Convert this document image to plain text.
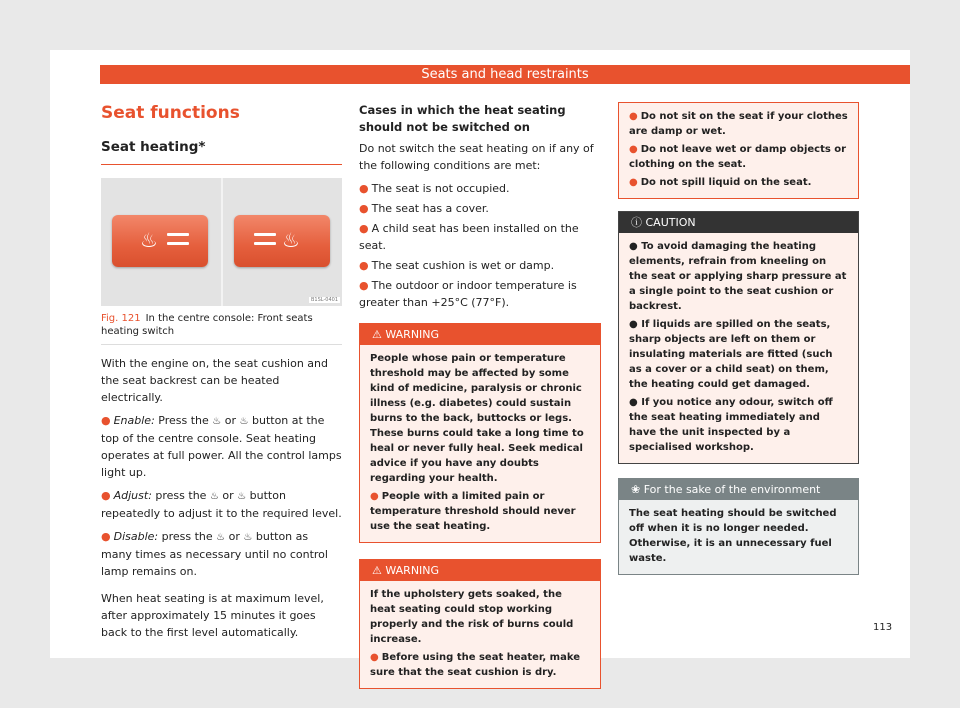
Seats and head restraints
Seat functions
Seat heating*
♨	♨
B1SL-0401
Fig. 121 In the centre console: Front seats heating switch

With the engine on, the seat cushion and the seat backrest can be heated electrically.

● Enable: Press the ♨ or ♨ button at the top of the centre console. Seat heating operates at full power. All the control lamps light up.
● Adjust: press the ♨ or ♨ button repeatedly to adjust it to the required level.
● Disable: press the ♨ or ♨ button as many times as necessary until no control lamp remains on.

When heat seating is at maximum level, after approximately 15 minutes it goes back to the first level automatically.

Cases in which the heat seating should not be switched on

Do not switch the seat heating on if any of the following conditions are met:

● The seat is not occupied.
● The seat has a cover.
● A child seat has been installed on the seat.
● The seat cushion is wet or damp.
● The outdoor or indoor temperature is greater than +25°C (77°F).
⚠ WARNING
People whose pain or temperature threshold may be affected by some kind of medicine, paralysis or chronic illness (e.g. diabetes) could sustain burns to the back, buttocks or legs. These burns could take a long time to heal or never fully heal. Seek medical advice if you have any doubts regarding your health.
● People with a limited pain or temperature threshold should never use the seat heating.
⚠ WARNING
If the upholstery gets soaked, the heat seating could stop working properly and the risk of burns could increase.
● Before using the seat heater, make sure that the seat cushion is dry.
● Do not sit on the seat if your clothes are damp or wet.
● Do not leave wet or damp objects or clothing on the seat.
● Do not spill liquid on the seat.
ⓘ CAUTION
● To avoid damaging the heating elements, refrain from kneeling on the seat or applying sharp pressure at a single point to the seat cushion or backrest.
● If liquids are spilled on the seats, sharp objects are left on them or insulating materials are fitted (such as a cover or a child seat) on them, the heating could get damaged.
● If you notice any odour, switch off the seat heating immediately and have the unit inspected by a specialised workshop.
❀ For the sake of the environment
The seat heating should be switched off when it is no longer needed. Otherwise, it is an unnecessary fuel waste.
113
